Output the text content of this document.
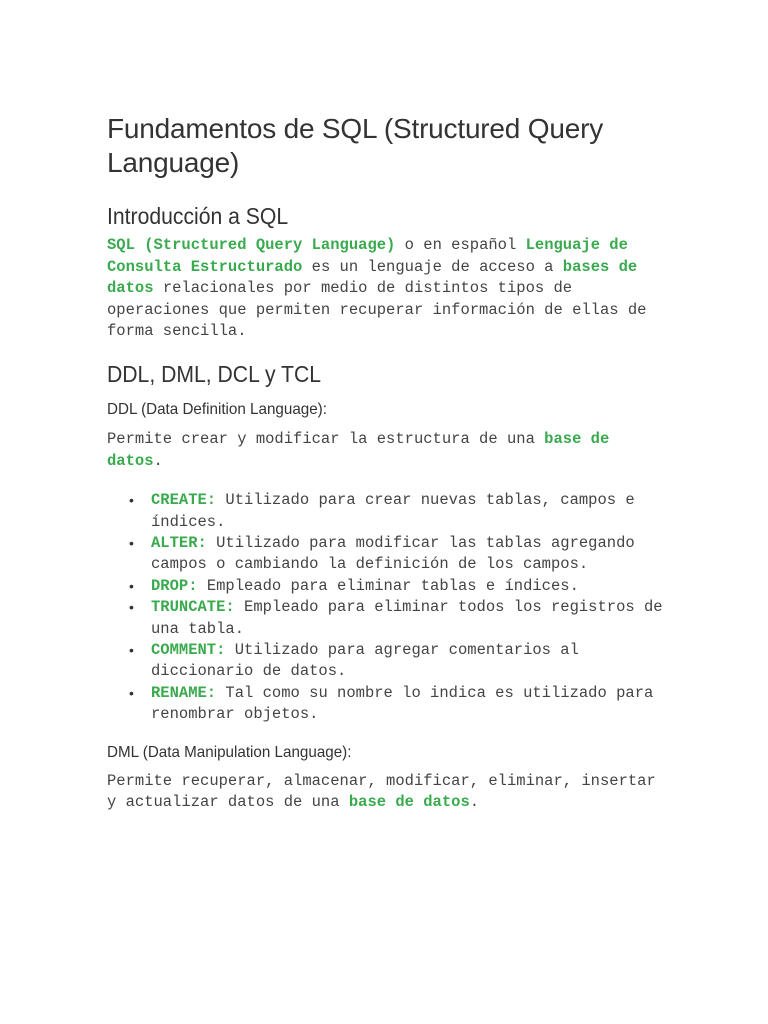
Fundamentos de SQL (Structured Query Language)
Introducción a SQL

SQL (Structured Query Language) o en español Lenguaje de Consulta Estructurado es un lenguaje de acceso a bases de datos relacionales por medio de distintos tipos de operaciones que permiten recuperar información de ellas de forma sencilla.

DDL, DML, DCL y TCL
DDL (Data Definition Language):

Permite crear y modificar la estructura de una base de datos.

• CREATE: Utilizado para crear nuevas tablas, campos e índices.
• ALTER: Utilizado para modificar las tablas agregando campos o cambiando la definición de los campos.
• DROP: Empleado para eliminar tablas e índices.
• TRUNCATE: Empleado para eliminar todos los registros de una tabla.
• COMMENT: Utilizado para agregar comentarios al diccionario de datos.
• RENAME: Tal como su nombre lo indica es utilizado para renombrar objetos.
DML (Data Manipulation Language):

Permite recuperar, almacenar, modificar, eliminar, insertar y actualizar datos de una base de datos.
